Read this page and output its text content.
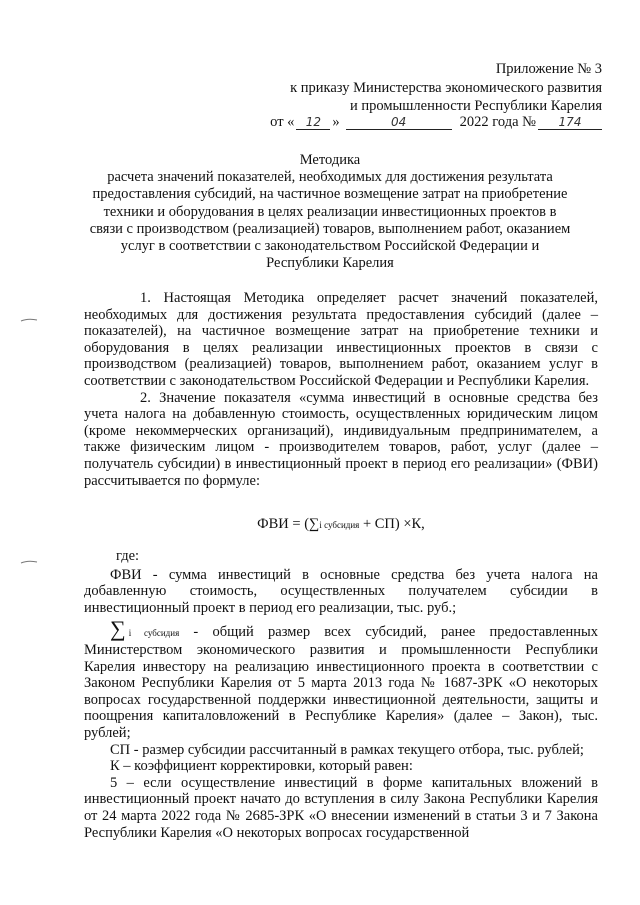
Приложение № 3
к приказу Министерства экономического развития
и промышленности Республики Карелия
от « 12 »	04	2022 года №	174
Методика
расчета значений показателей, необходимых для достижения результата
предоставления субсидий, на частичное возмещение затрат на приобретение
техники и оборудования в целях реализации инвестиционных проектов в
связи с производством (реализацией) товаров, выполнением работ, оказанием
услуг в соответствии с законодательством Российской Федерации и
Республики Карелия

1. Настоящая Методика определяет расчет значений показателей, необходимых для достижения результата предоставления субсидий (далее – показателей), на частичное возмещение затрат на приобретение техники и оборудования в целях реализации инвестиционных проектов в связи с производством (реализацией) товаров, выполнением работ, оказанием услуг в соответствии с законодательством Российской Федерации и Республики Карелия.

2. Значение показателя «сумма инвестиций в основные средства без учета налога на добавленную стоимость, осуществленных юридическим лицом (кроме некоммерческих организаций), индивидуальным предпринимателем, а также физическим лицом - производителем товаров, работ, услуг (далее – получатель субсидии) в инвестиционный проект в период его реализации» (ФВИ) рассчитывается по формуле:

ФВИ = (∑i субсидия + СП) ×К,

где:

ФВИ - сумма инвестиций в основные средства без учета налога на добавленную стоимость, осуществленных получателем субсидии в инвестиционный проект в период его реализации, тыс. руб.;

∑ i субсидия - общий размер всех субсидий, ранее предоставленных Министерством экономического развития и промышленности Республики Карелия инвестору на реализацию инвестиционного проекта в соответствии с Законом Республики Карелия от 5 марта 2013 года № 1687-ЗРК «О некоторых вопросах государственной поддержки инвестиционной деятельности, защиты и поощрения капиталовложений в Республике Карелия» (далее – Закон), тыс. рублей;

СП - размер субсидии рассчитанный в рамках текущего отбора, тыс. рублей;

К – коэффициент корректировки, который равен:

5 – если осуществление инвестиций в форме капитальных вложений в инвестиционный проект начато до вступления в силу Закона Республики Карелия от 24 марта 2022 года № 2685-ЗРК «О внесении изменений в статьи 3 и 7 Закона Республики Карелия «О некоторых вопросах государственной
